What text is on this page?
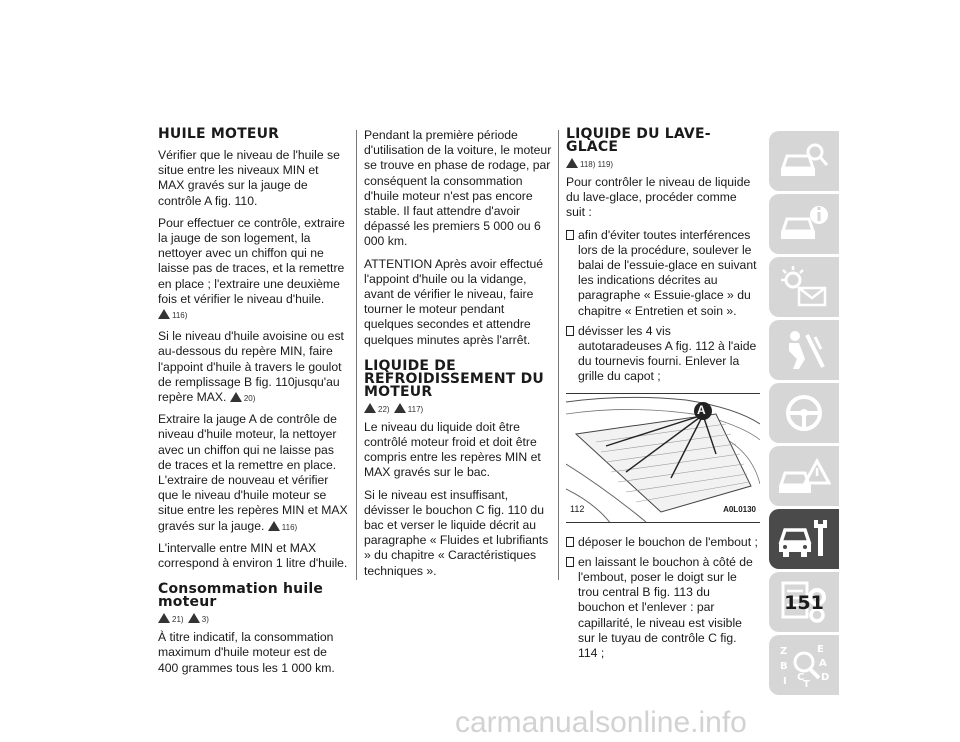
HUILE MOTEUR

Vérifier que le niveau de l'huile se situe entre les niveaux MIN et MAX gravés sur la jauge de contrôle A fig. 110.

Pour effectuer ce contrôle, extraire la jauge de son logement, la nettoyer avec un chiffon qui ne laisse pas de traces, et la remettre en place ; l'extraire une deuxième fois et vérifier le niveau d'huile. 116)

Si le niveau d'huile avoisine ou est au-dessous du repère MIN, faire l'appoint d'huile à travers le goulot de remplissage B fig. 110jusqu'au repère MAX. 20)

Extraire la jauge A de contrôle de niveau d'huile moteur, la nettoyer avec un chiffon qui ne laisse pas de traces et la remettre en place. L'extraire de nouveau et vérifier que le niveau d'huile moteur se situe entre les repères MIN et MAX gravés sur la jauge. 116)

L'intervalle entre MIN et MAX correspond à environ 1 litre d'huile.

Consommation huile moteur
21) 3)

À titre indicatif, la consommation maximum d'huile moteur est de 400 grammes tous les 1 000 km.

Pendant la première période d'utilisation de la voiture, le moteur se trouve en phase de rodage, par conséquent la consommation d'huile moteur n'est pas encore stable. Il faut attendre d'avoir dépassé les premiers 5 000 ou 6 000 km.

ATTENTION Après avoir effectué l'appoint d'huile ou la vidange, avant de vérifier le niveau, faire tourner le moteur pendant quelques secondes et attendre quelques minutes après l'arrêt.

LIQUIDE DE REFROIDISSEMENT DU MOTEUR
22) 117)

Le niveau du liquide doit être contrôlé moteur froid et doit être compris entre les repères MIN et MAX gravés sur le bac.

Si le niveau est insuffisant, dévisser le bouchon C fig. 110 du bac et verser le liquide décrit au paragraphe « Fluides et lubrifiants » du chapitre « Caractéristiques techniques ».

LIQUIDE DU LAVE-GLACE
118) 119)

Pour contrôler le niveau de liquide du lave-glace, procéder comme suit :

afin d'éviter toutes interférences lors de la procédure, soulever le balai de l'essuie-glace en suivant les indications décrites au paragraphe « Essuie-glace » du chapitre « Entretien et soin ».
dévisser les 4 vis autotaradeuses A fig. 112 à l'aide du tournevis fourni. Enlever la grille du capot ;
A
112	A0L0130
déposer le bouchon de l'embout ;
en laissant le bouchon à côté de l'embout, poser le doigt sur le trou central B fig. 113 du bouchon et l'enlever : par capillarité, le niveau est visible sur le tuyau de contrôle C fig. 114 ;	Z	E
B	A
I C D
T
151
carmanualsonline.info
